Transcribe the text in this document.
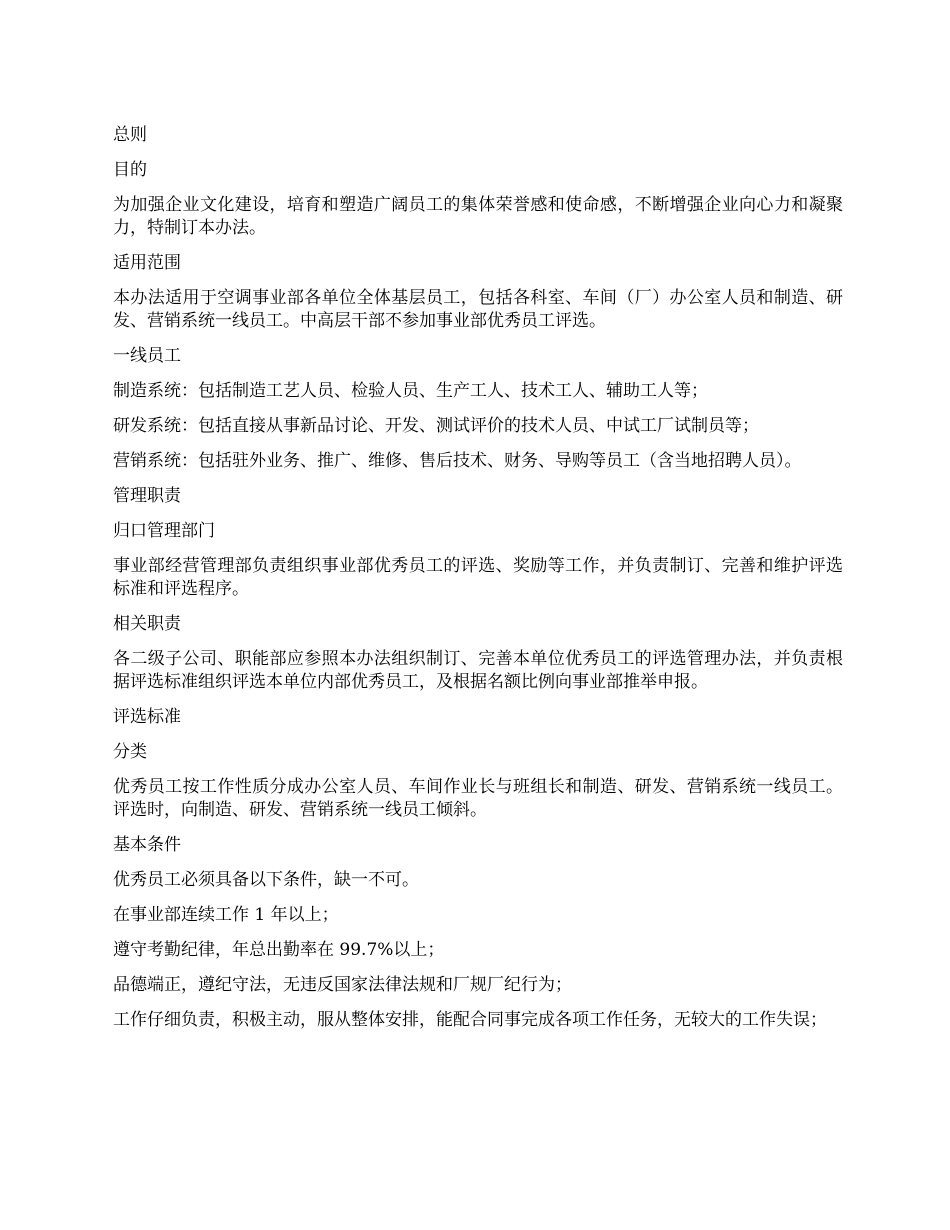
总则

目的

为加强企业文化建设，培育和塑造广阔员工的集体荣誉感和使命感，不断增强企业向心力和凝聚力，特制订本办法。

适用范围

本办法适用于空调事业部各单位全体基层员工，包括各科室、车间（厂）办公室人员和制造、研发、营销系统一线员工。中高层干部不参加事业部优秀员工评选。

一线员工

制造系统：包括制造工艺人员、检验人员、生产工人、技术工人、辅助工人等；

研发系统：包括直接从事新品讨论、开发、测试评价的技术人员、中试工厂试制员等；

营销系统：包括驻外业务、推广、维修、售后技术、财务、导购等员工（含当地招聘人员）。

管理职责

归口管理部门

事业部经营管理部负责组织事业部优秀员工的评选、奖励等工作，并负责制订、完善和维护评选标准和评选程序。

相关职责

各二级子公司、职能部应参照本办法组织制订、完善本单位优秀员工的评选管理办法，并负责根据评选标准组织评选本单位内部优秀员工，及根据名额比例向事业部推举申报。

评选标准

分类

优秀员工按工作性质分成办公室人员、车间作业长与班组长和制造、研发、营销系统一线员工。评选时，向制造、研发、营销系统一线员工倾斜。

基本条件

优秀员工必须具备以下条件，缺一不可。

在事业部连续工作 1 年以上；

遵守考勤纪律，年总出勤率在 99.7%以上；

品德端正，遵纪守法，无违反国家法律法规和厂规厂纪行为；

工作仔细负责，积极主动，服从整体安排，能配合同事完成各项工作任务，无较大的工作失误；
